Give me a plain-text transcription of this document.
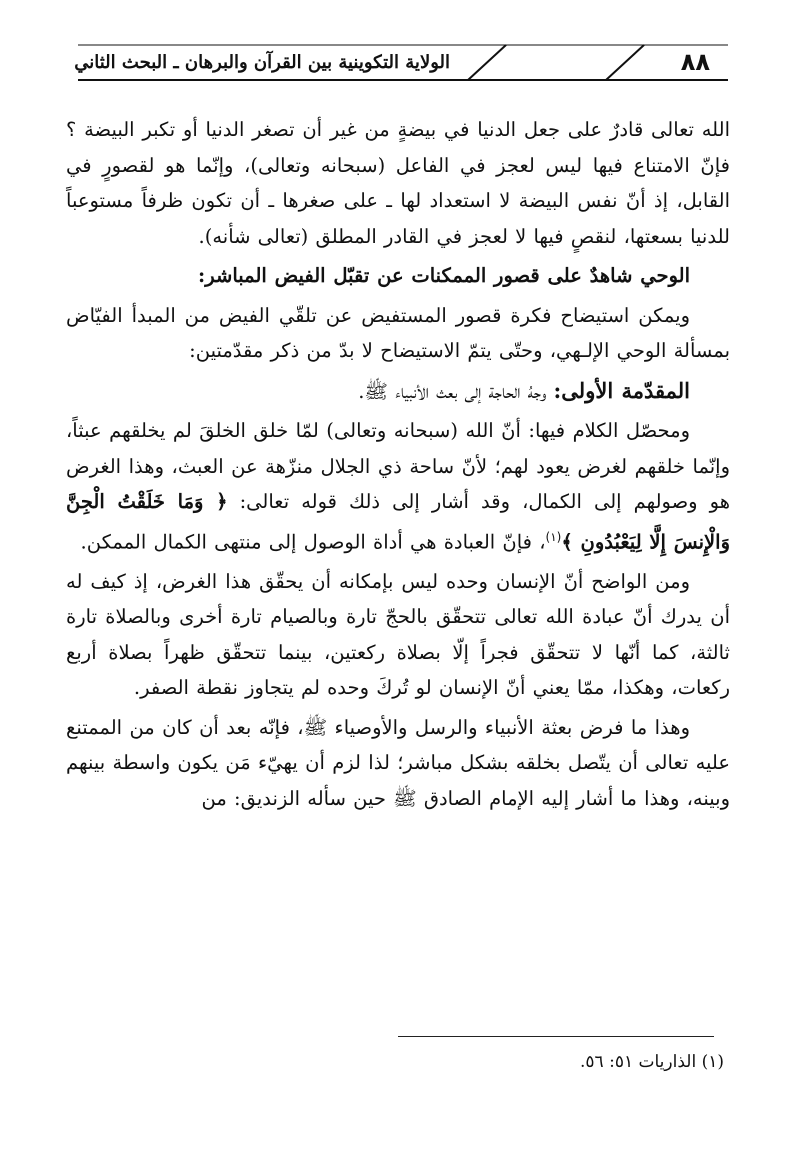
الولاية التكوينية بين القرآن والبرهان ـ البحث الثاني	٨٨

الله تعالى قادرٌ على جعل الدنيا في بيضةٍ من غير أن تصغر الدنيا أو تكبر البيضة ؟ فإنّ الامتناع فيها ليس لعجز في الفاعل (سبحانه وتعالى)، وإنّما هو لقصورٍ في القابل، إذ أنّ نفس البيضة لا استعداد لها ـ على صغرها ـ أن تكون ظرفاً مستوعباً للدنيا بسعتها، لنقصٍ فيها لا لعجز في القادر المطلق (تعالى شأنه).

الوحي شاهدٌ على قصور الممكنات عن تقبّل الفيض المباشر:

ويمكن استيضاح فكرة قصور المستفيض عن تلقّي الفيض من المبدأ الفيّاض بمسألة الوحي الإلـهي، وحتّى يتمّ الاستيضاح لا بدّ من ذكر مقدّمتين:

المقدّمة الأولى: وجهُ الحاجة إلى بعث الأنبياء ﷺ.

ومحصّل الكلام فيها: أنّ الله (سبحانه وتعالى) لمّا خلق الخلقَ لم يخلقهم عبثاً، وإنّما خلقهم لغرض يعود لهم؛ لأنّ ساحة ذي الجلال منزّهة عن العبث، وهذا الغرض هو وصولهم إلى الكمال، وقد أشار إلى ذلك قوله تعالى: ﴿ وَمَا خَلَقْتُ الْجِنَّ وَالْإِنسَ إِلَّا لِيَعْبُدُونِ ﴾$^{(١)}$، فإنّ العبادة هي أداة الوصول إلى منتهى الكمال الممكن.

ومن الواضح أنّ الإنسان وحده ليس بإمكانه أن يحقّق هذا الغرض، إذ كيف له أن يدرك أنّ عبادة الله تعالى تتحقّق بالحجّ تارة وبالصيام تارة أخرى وبالصلاة تارة ثالثة، كما أنّها لا تتحقّق فجراً إلّا بصلاة ركعتين، بينما تتحقّق ظهراً بصلاة أربع ركعات، وهكذا، ممّا يعني أنّ الإنسان لو تُركَ وحده لم يتجاوز نقطة الصفر.

وهذا ما فرض بعثة الأنبياء والرسل والأوصياء ﷺ، فإنّه بعد أن كان من الممتنع عليه تعالى أن يتّصل بخلقه بشكل مباشر؛ لذا لزم أن يهيّء مَن يكون واسطة بينهم وبينه، وهذا ما أشار إليه الإمام الصادق ﷺ حين سأله الزنديق: من

(١) الذاريات ٥١: ٥٦.
